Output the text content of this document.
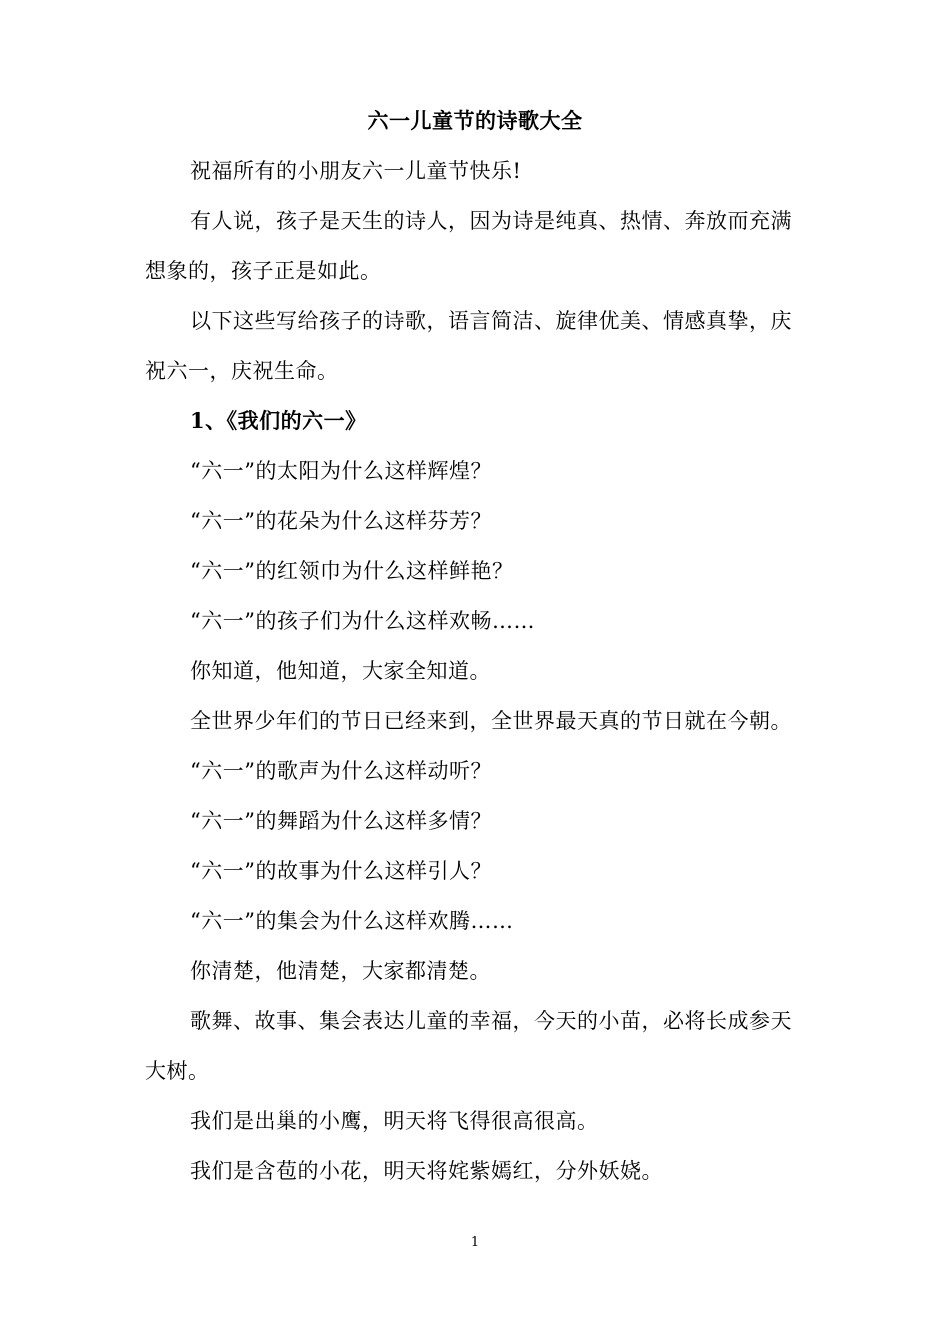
六一儿童节的诗歌大全

祝福所有的小朋友六一儿童节快乐!

有人说，孩子是天生的诗人，因为诗是纯真、热情、奔放而充满

想象的，孩子正是如此。

以下这些写给孩子的诗歌，语言简洁、旋律优美、情感真挚，庆

祝六一，庆祝生命。

1、《我们的六一》

“六一”的太阳为什么这样辉煌？

“六一”的花朵为什么这样芬芳？

“六一”的红领巾为什么这样鲜艳？

“六一”的孩子们为什么这样欢畅……

你知道，他知道，大家全知道。

全世界少年们的节日已经来到，全世界最天真的节日就在今朝。

“六一”的歌声为什么这样动听？

“六一”的舞蹈为什么这样多情？

“六一”的故事为什么这样引人？

“六一”的集会为什么这样欢腾……

你清楚，他清楚，大家都清楚。

歌舞、故事、集会表达儿童的幸福，今天的小苗，必将长成参天

大树。

我们是出巢的小鹰，明天将飞得很高很高。

我们是含苞的小花，明天将姹紫嫣红，分外妖娆。

1
